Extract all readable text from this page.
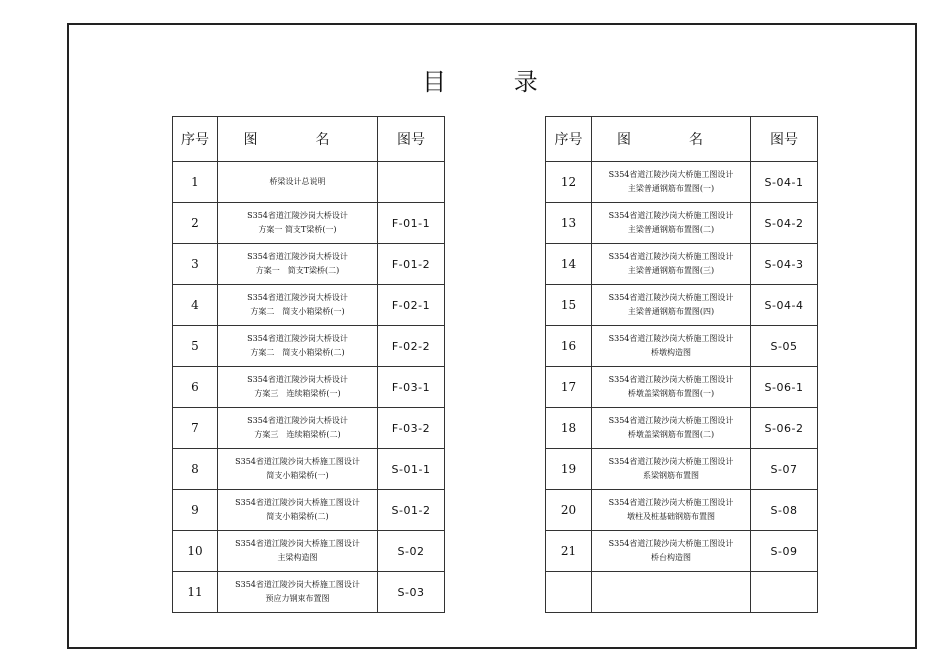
目 录
序号	图　名	图号
1	桥梁设计总说明	

2	S354省道江陵沙岗大桥设计
方案一 简支T梁桥(一)	F-01-1
3	S354省道江陵沙岗大桥设计
方案一　简支T梁桥(二)	F-01-2
4	S354省道江陵沙岗大桥设计
方案二　简支小箱梁桥(一)	F-02-1
5	S354省道江陵沙岗大桥设计
方案二　简支小箱梁桥(二)	F-02-2
6	S354省道江陵沙岗大桥设计
方案三　连续箱梁桥(一)	F-03-1
7	S354省道江陵沙岗大桥设计
方案三　连续箱梁桥(二)	F-03-2
8	S354省道江陵沙岗大桥施工图设计
简支小箱梁桥(一)	S-01-1
9	S354省道江陵沙岗大桥施工图设计
简支小箱梁桥(二)	S-01-2
10	S354省道江陵沙岗大桥施工图设计
主梁构造图	S-02
11	S354省道江陵沙岗大桥施工图设计
预应力钢束布置图	S-03
序号	图　名	图号
12	S354省道江陵沙岗大桥施工图设计
主梁普通钢筋布置图(一)	S-04-1
13	S354省道江陵沙岗大桥施工图设计
主梁普通钢筋布置图(二)	S-04-2
14	S354省道江陵沙岗大桥施工图设计
主梁普通钢筋布置图(三)	S-04-3
15	S354省道江陵沙岗大桥施工图设计
主梁普通钢筋布置图(四)	S-04-4
16	S354省道江陵沙岗大桥施工图设计
桥墩构造图	S-05
17	S354省道江陵沙岗大桥施工图设计
桥墩盖梁钢筋布置图(一)	S-06-1
18	S354省道江陵沙岗大桥施工图设计
桥墩盖梁钢筋布置图(二)	S-06-2
19	S354省道江陵沙岗大桥施工图设计
系梁钢筋布置图	S-07
20	S354省道江陵沙岗大桥施工图设计
墩柱及桩基础钢筋布置图	S-08
21	S354省道江陵沙岗大桥施工图设计
桥台构造图	S-09
